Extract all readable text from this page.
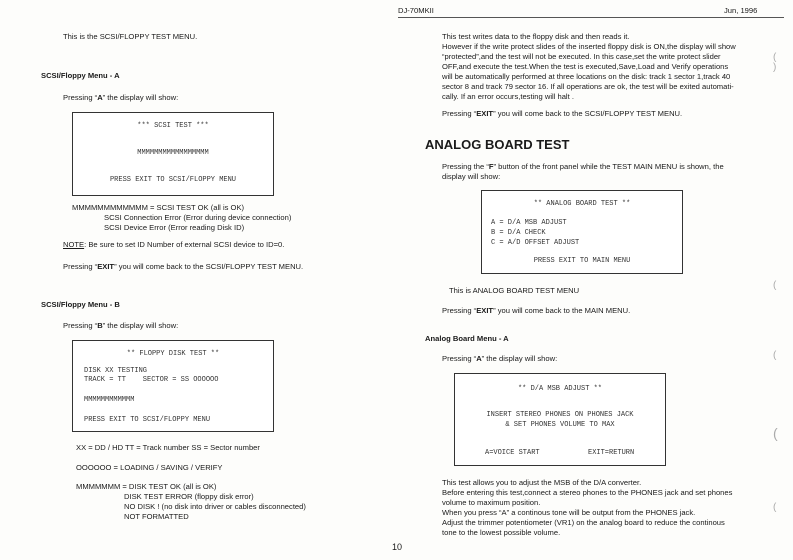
DJ-70MKII	Jun, 1996
This is the SCSI/FLOPPY TEST MENU.
SCSI/Floppy Menu - A
Pressing “A” the display will show:
*** SCSI TEST ***
MMMMMMMMMMMMMMMMM
PRESS EXIT TO SCSI/FLOPPY MENU
MMMMMMMMMMMM = SCSI TEST OK (all is OK)
SCSI Connection Error (Error during device connection)
SCSI Device Error (Error reading Disk ID)
NOTE: Be sure to set ID Number of external SCSI device to ID=0.
Pressing “EXIT” you will come back to the SCSI/FLOPPY TEST MENU.
SCSI/Floppy Menu - B
Pressing “B” the display will show:
** FLOPPY DISK TEST **
DISK XX TESTING
TRACK = TT    SECTOR = SS OOOOOO
MMMMMMMMMMMM
PRESS EXIT TO SCSI/FLOPPY MENU
XX = DD / HD TT = Track number SS = Sector number
OOOOOO = LOADING / SAVING / VERIFY
MMMMMMM = DISK TEST OK (all is OK)
DISK TEST ERROR (floppy disk error)
NO DISK ! (no disk into driver or cables disconnected)
NOT FORMATTED
This test writes data to the floppy disk and then reads it.
However if the write protect slides of the inserted floppy disk is ON,the display will show
“protected”,and the test will not be executed. In this case,set the write protect slider
OFF,and execute the test.When the test is executed,Save,Load and Verify operations
will be automatically performed at three locations on the disk: track 1 sector 1,track 40
sector 8 and track 79 sector 16. If all operations are ok, the test will be exited automati-
cally. If an error occurs,testing will halt .
Pressing “EXIT” you will come back to the SCSI/FLOPPY TEST MENU.
ANALOG BOARD TEST
Pressing the “F” button of the front panel while the TEST MAIN MENU is shown, the
display will show:
** ANALOG BOARD TEST **
A = D/A MSB ADJUST
B = D/A CHECK
C = A/D OFFSET ADJUST
PRESS EXIT TO MAIN MENU
This is ANALOG BOARD TEST MENU
Pressing “EXIT” you will come back to the MAIN MENU.
Analog Board Menu - A
Pressing “A” the display will show:
** D/A MSB ADJUST **
INSERT STEREO PHONES ON PHONES JACK
& SET PHONES VOLUME TO MAX
A=VOICE START	EXIT=RETURN
This test allows you to adjust the MSB of the D/A converter.
Before entering this test,connect a stereo phones to the PHONES jack and set phones
volume to maximum position.
When you press “A” a continous tone will be output from the PHONES jack.
Adjust the trimmer potentiometer (VR1) on the analog board to reduce the continous
tone to the lowest possible volume.
10
(
)
(
(
(
(
